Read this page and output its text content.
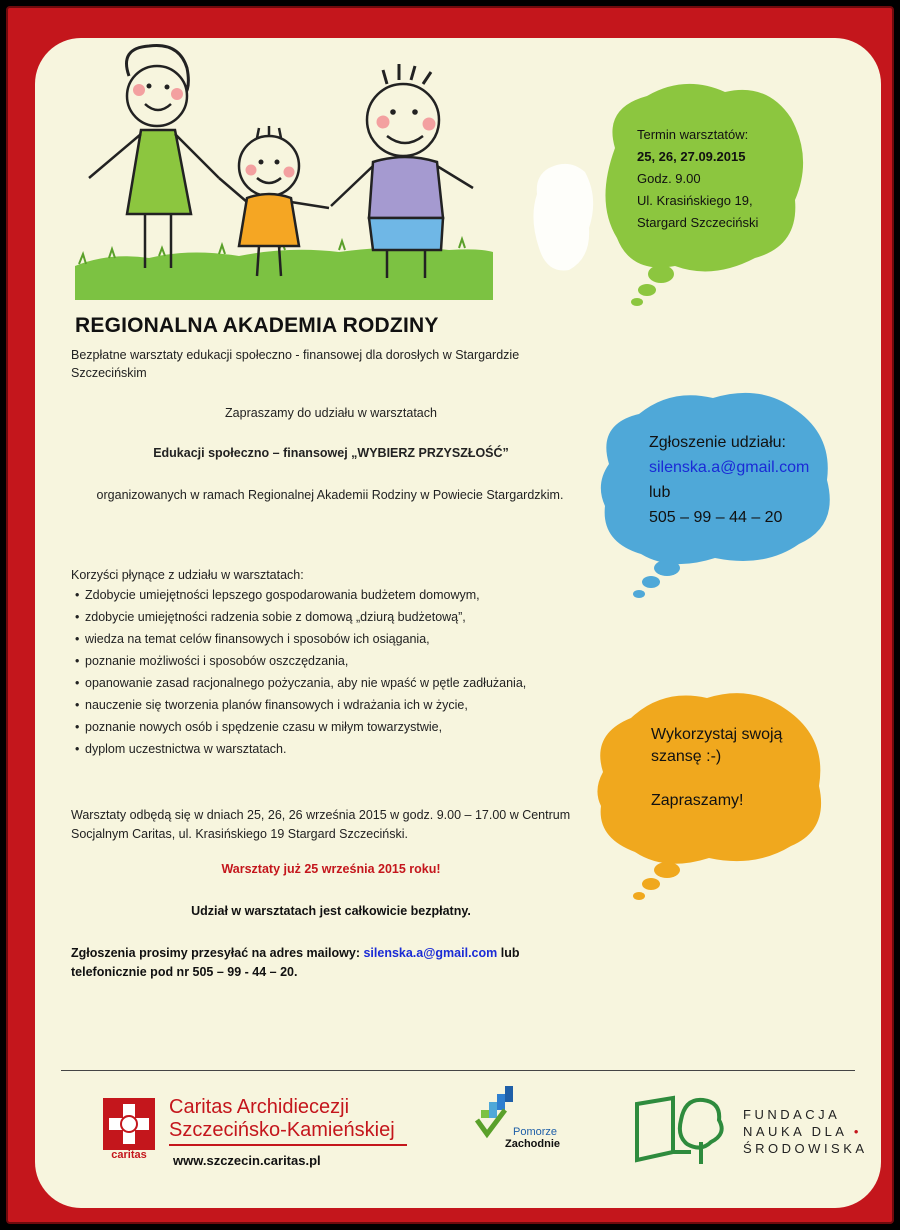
Termin warsztatów:
25, 26, 27.09.2015
Godz. 9.00
Ul. Krasińskiego 19,
Stargard Szczeciński
Zgłoszenie udziału:
silenska.a@gmail.com
lub
505 – 99 – 44 – 20
Wykorzystaj swoją
szansę :-)
Zapraszamy!
REGIONALNA AKADEMIA RODZINY
Bezpłatne warsztaty edukacji społeczno - finansowej dla dorosłych w Stargardzie Szczecińskim
Zapraszamy do udziału w warsztatach
Edukacji społeczno – finansowej „WYBIERZ PRZYSZŁOŚĆ”
organizowanych w ramach Regionalnej Akademii Rodziny w Powiecie Stargardzkim.
Korzyści płynące z udziału w warsztatach:
• Zdobycie umiejętności lepszego gospodarowania budżetem domowym,
• zdobycie umiejętności radzenia sobie z domową „dziurą budżetową”,
• wiedza na temat celów finansowych i sposobów ich osiągania,
• poznanie możliwości i sposobów oszczędzania,
• opanowanie zasad racjonalnego pożyczania, aby nie wpaść w pętle zadłużania,
• nauczenie się tworzenia planów finansowych i wdrażania ich w życie,
• poznanie nowych osób i spędzenie czasu w miłym towarzystwie,
• dyplom uczestnictwa w warsztatach.
Warsztaty odbędą się w dniach 25, 26, 26 września 2015 w godz. 9.00 – 17.00 w Centrum Socjalnym Caritas, ul. Krasińskiego 19 Stargard Szczeciński.
Warsztaty już 25 września 2015 roku!
Udział w warsztatach jest całkowicie bezpłatny.
Zgłoszenia prosimy przesyłać na adres mailowy: silenska.a@gmail.com lub telefonicznie pod nr 505 – 99 - 44 – 20.
caritas
Caritas Archidiecezji
Szczecińsko-Kamieńskiej
www.szczecin.caritas.pl
Pomorze
Zachodnie
FUNDACJA
NAUKA DLA •
ŚRODOWISKA
